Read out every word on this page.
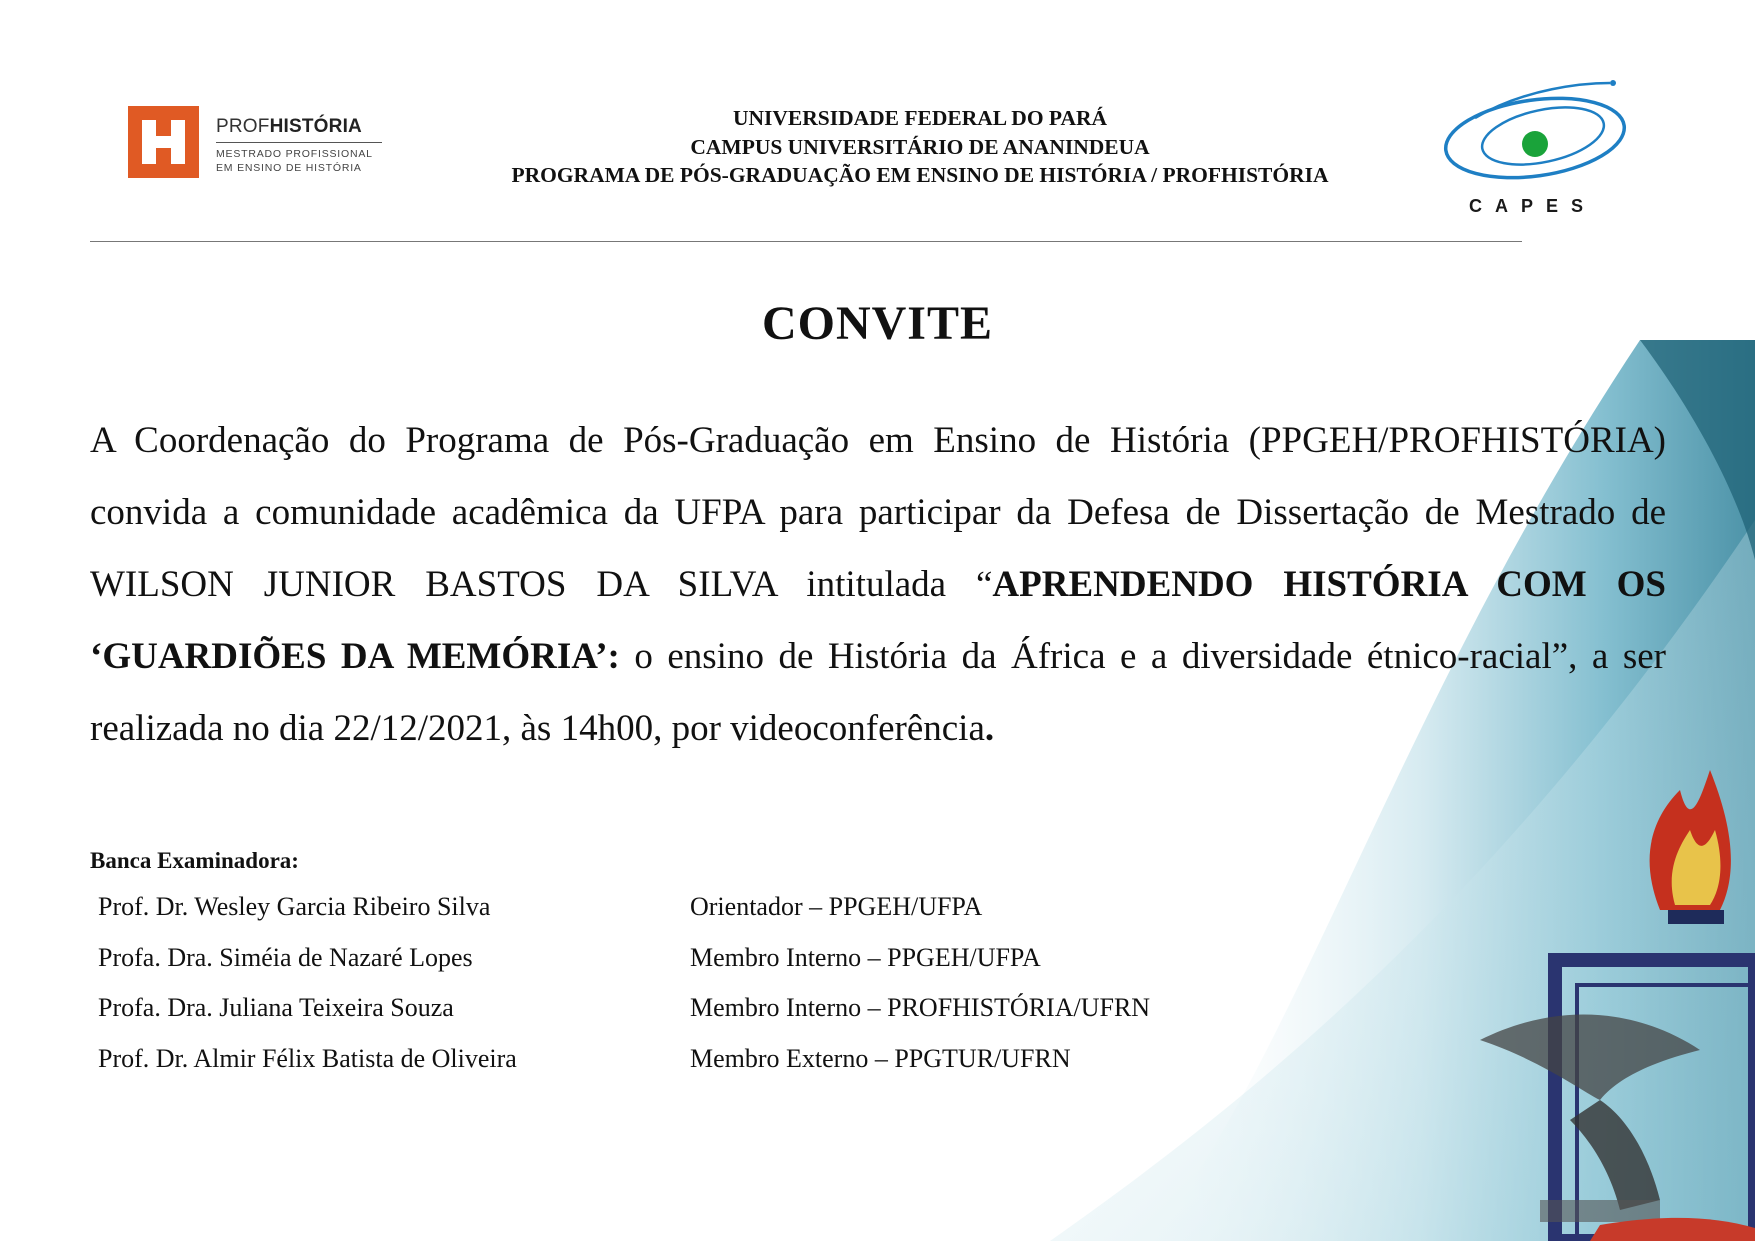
PROFHISTÓRIA
MESTRADO PROFISSIONAL
EM ENSINO DE HISTÓRIA
UNIVERSIDADE FEDERAL DO PARÁ
CAMPUS UNIVERSITÁRIO DE ANANINDEUA
PROGRAMA DE PÓS-GRADUAÇÃO EM ENSINO DE HISTÓRIA / PROFHISTÓRIA
CAPES
CONVITE
A Coordenação do Programa de Pós-Graduação em Ensino de História (PPGEH/PROFHISTÓRIA) convida a comunidade acadêmica da UFPA para participar da Defesa de Dissertação de Mestrado de WILSON JUNIOR BASTOS DA SILVA intitulada “APRENDENDO HISTÓRIA COM OS ‘GUARDIÕES DA MEMÓRIA’: o ensino de História da África e a diversidade étnico-racial”, a ser realizada no dia 22/12/2021, às 14h00, por videoconferência.
Banca Examinadora:
Prof. Dr. Wesley Garcia Ribeiro Silva	Orientador – PPGEH/UFPA
Profa. Dra. Siméia de Nazaré Lopes	Membro Interno – PPGEH/UFPA
Profa. Dra. Juliana Teixeira Souza	Membro Interno – PROFHISTÓRIA/UFRN
Prof. Dr. Almir Félix Batista de Oliveira	Membro Externo – PPGTUR/UFRN
